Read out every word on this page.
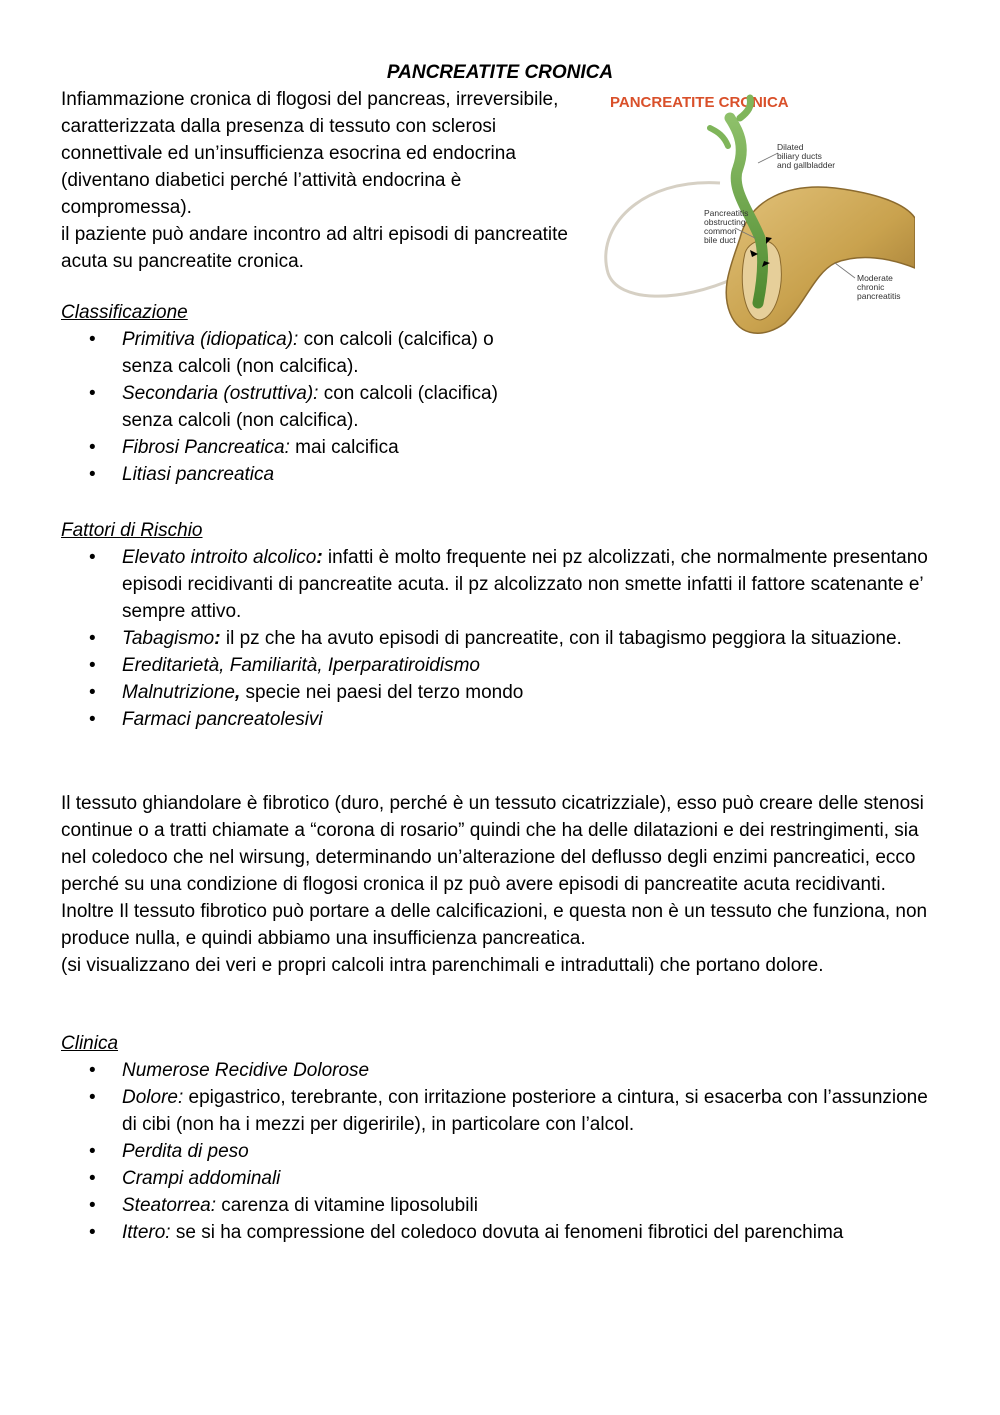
PANCREATITE CRONICA

Infiammazione cronica di flogosi del pancreas, irreversibile, caratterizzata dalla presenza di tessuto con sclerosi connettivale ed un’insufficienza esocrina ed endocrina (diventano diabetici perché l’attività endocrina è compromessa).

il paziente può andare incontro ad altri episodi di pancreatite acuta su pancreatite cronica.

PANCREATITE CRONICA
Dilated biliary ducts and gallbladder
Pancreatitis obstructing common bile duct
Moderate chronic pancreatitis
Classificazione
• Primitiva (idiopatica): con calcoli (calcifica) o
senza calcoli (non calcifica).
• Secondaria (ostruttiva): con calcoli (clacifica)
senza calcoli (non calcifica).
• Fibrosi Pancreatica: mai calcifica
• Litiasi pancreatica
Fattori di Rischio
• Elevato introito alcolico: infatti è molto frequente nei pz alcolizzati, che normalmente presentano episodi recidivanti di pancreatite acuta. il pz alcolizzato non smette infatti il fattore scatenante e’ sempre attivo.
• Tabagismo: il pz che ha avuto episodi di pancreatite, con il tabagismo peggiora la situazione.
• Ereditarietà, Familiarità, Iperparatiroidismo
• Malnutrizione, specie nei paesi del terzo mondo
• Farmaci pancreatolesivi

Il tessuto ghiandolare è fibrotico (duro, perché è un tessuto cicatrizziale), esso può creare delle stenosi continue o a tratti chiamate a “corona di rosario” quindi che ha delle dilatazioni e dei restringimenti, sia nel coledoco che nel wirsung, determinando un’alterazione del deflusso degli enzimi pancreatici, ecco perché su una condizione di flogosi cronica il pz può avere episodi di pancreatite acuta recidivanti.

Inoltre Il tessuto fibrotico può portare a delle calcificazioni, e questa non è un tessuto che funziona, non produce nulla, e quindi abbiamo una insufficienza pancreatica.

(si visualizzano dei veri e propri calcoli intra parenchimali e intraduttali) che portano dolore.

Clinica
• Numerose Recidive Dolorose
• Dolore: epigastrico, terebrante, con irritazione posteriore a cintura, si esacerba con l’assunzione di cibi (non ha i mezzi per digeririle), in particolare con l’alcol.
• Perdita di peso
• Crampi addominali
• Steatorrea: carenza di vitamine liposolubili
• Ittero: se si ha compressione del coledoco dovuta ai fenomeni fibrotici del parenchima
